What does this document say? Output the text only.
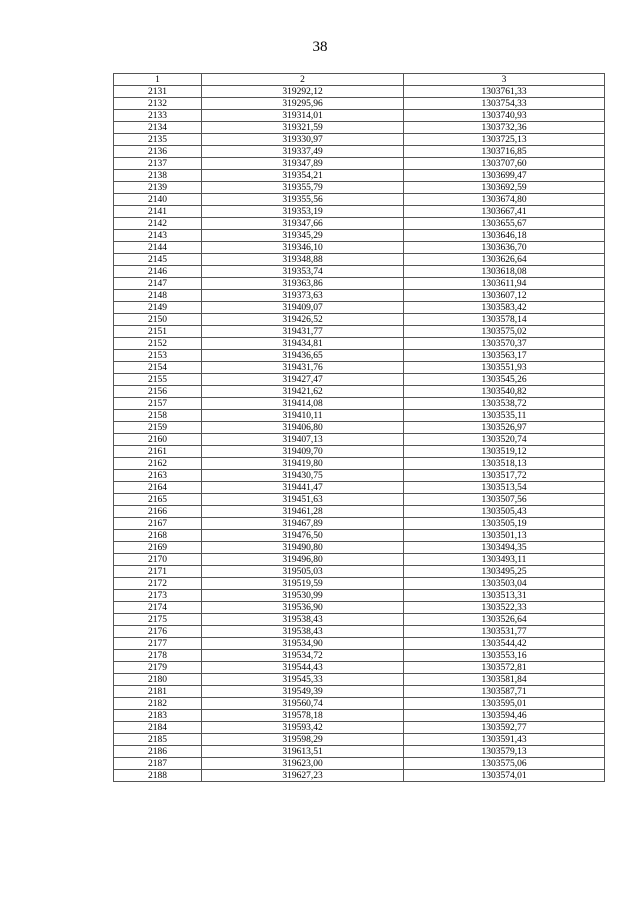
38
1	2	3
2131	319292,12	1303761,33
2132	319295,96	1303754,33
2133	319314,01	1303740,93
2134	319321,59	1303732,36
2135	319330,97	1303725,13
2136	319337,49	1303716,85
2137	319347,89	1303707,60
2138	319354,21	1303699,47
2139	319355,79	1303692,59
2140	319355,56	1303674,80
2141	319353,19	1303667,41
2142	319347,66	1303655,67
2143	319345,29	1303646,18
2144	319346,10	1303636,70
2145	319348,88	1303626,64
2146	319353,74	1303618,08
2147	319363,86	1303611,94
2148	319373,63	1303607,12
2149	319409,07	1303583,42
2150	319426,52	1303578,14
2151	319431,77	1303575,02
2152	319434,81	1303570,37
2153	319436,65	1303563,17
2154	319431,76	1303551,93
2155	319427,47	1303545,26
2156	319421,62	1303540,82
2157	319414,08	1303538,72
2158	319410,11	1303535,11
2159	319406,80	1303526,97
2160	319407,13	1303520,74
2161	319409,70	1303519,12
2162	319419,80	1303518,13
2163	319430,75	1303517,72
2164	319441,47	1303513,54
2165	319451,63	1303507,56
2166	319461,28	1303505,43
2167	319467,89	1303505,19
2168	319476,50	1303501,13
2169	319490,80	1303494,35
2170	319496,80	1303493,11
2171	319505,03	1303495,25
2172	319519,59	1303503,04
2173	319530,99	1303513,31
2174	319536,90	1303522,33
2175	319538,43	1303526,64
2176	319538,43	1303531,77
2177	319534,90	1303544,42
2178	319534,72	1303553,16
2179	319544,43	1303572,81
2180	319545,33	1303581,84
2181	319549,39	1303587,71
2182	319560,74	1303595,01
2183	319578,18	1303594,46
2184	319593,42	1303592,77
2185	319598,29	1303591,43
2186	319613,51	1303579,13
2187	319623,00	1303575,06
2188	319627,23	1303574,01
